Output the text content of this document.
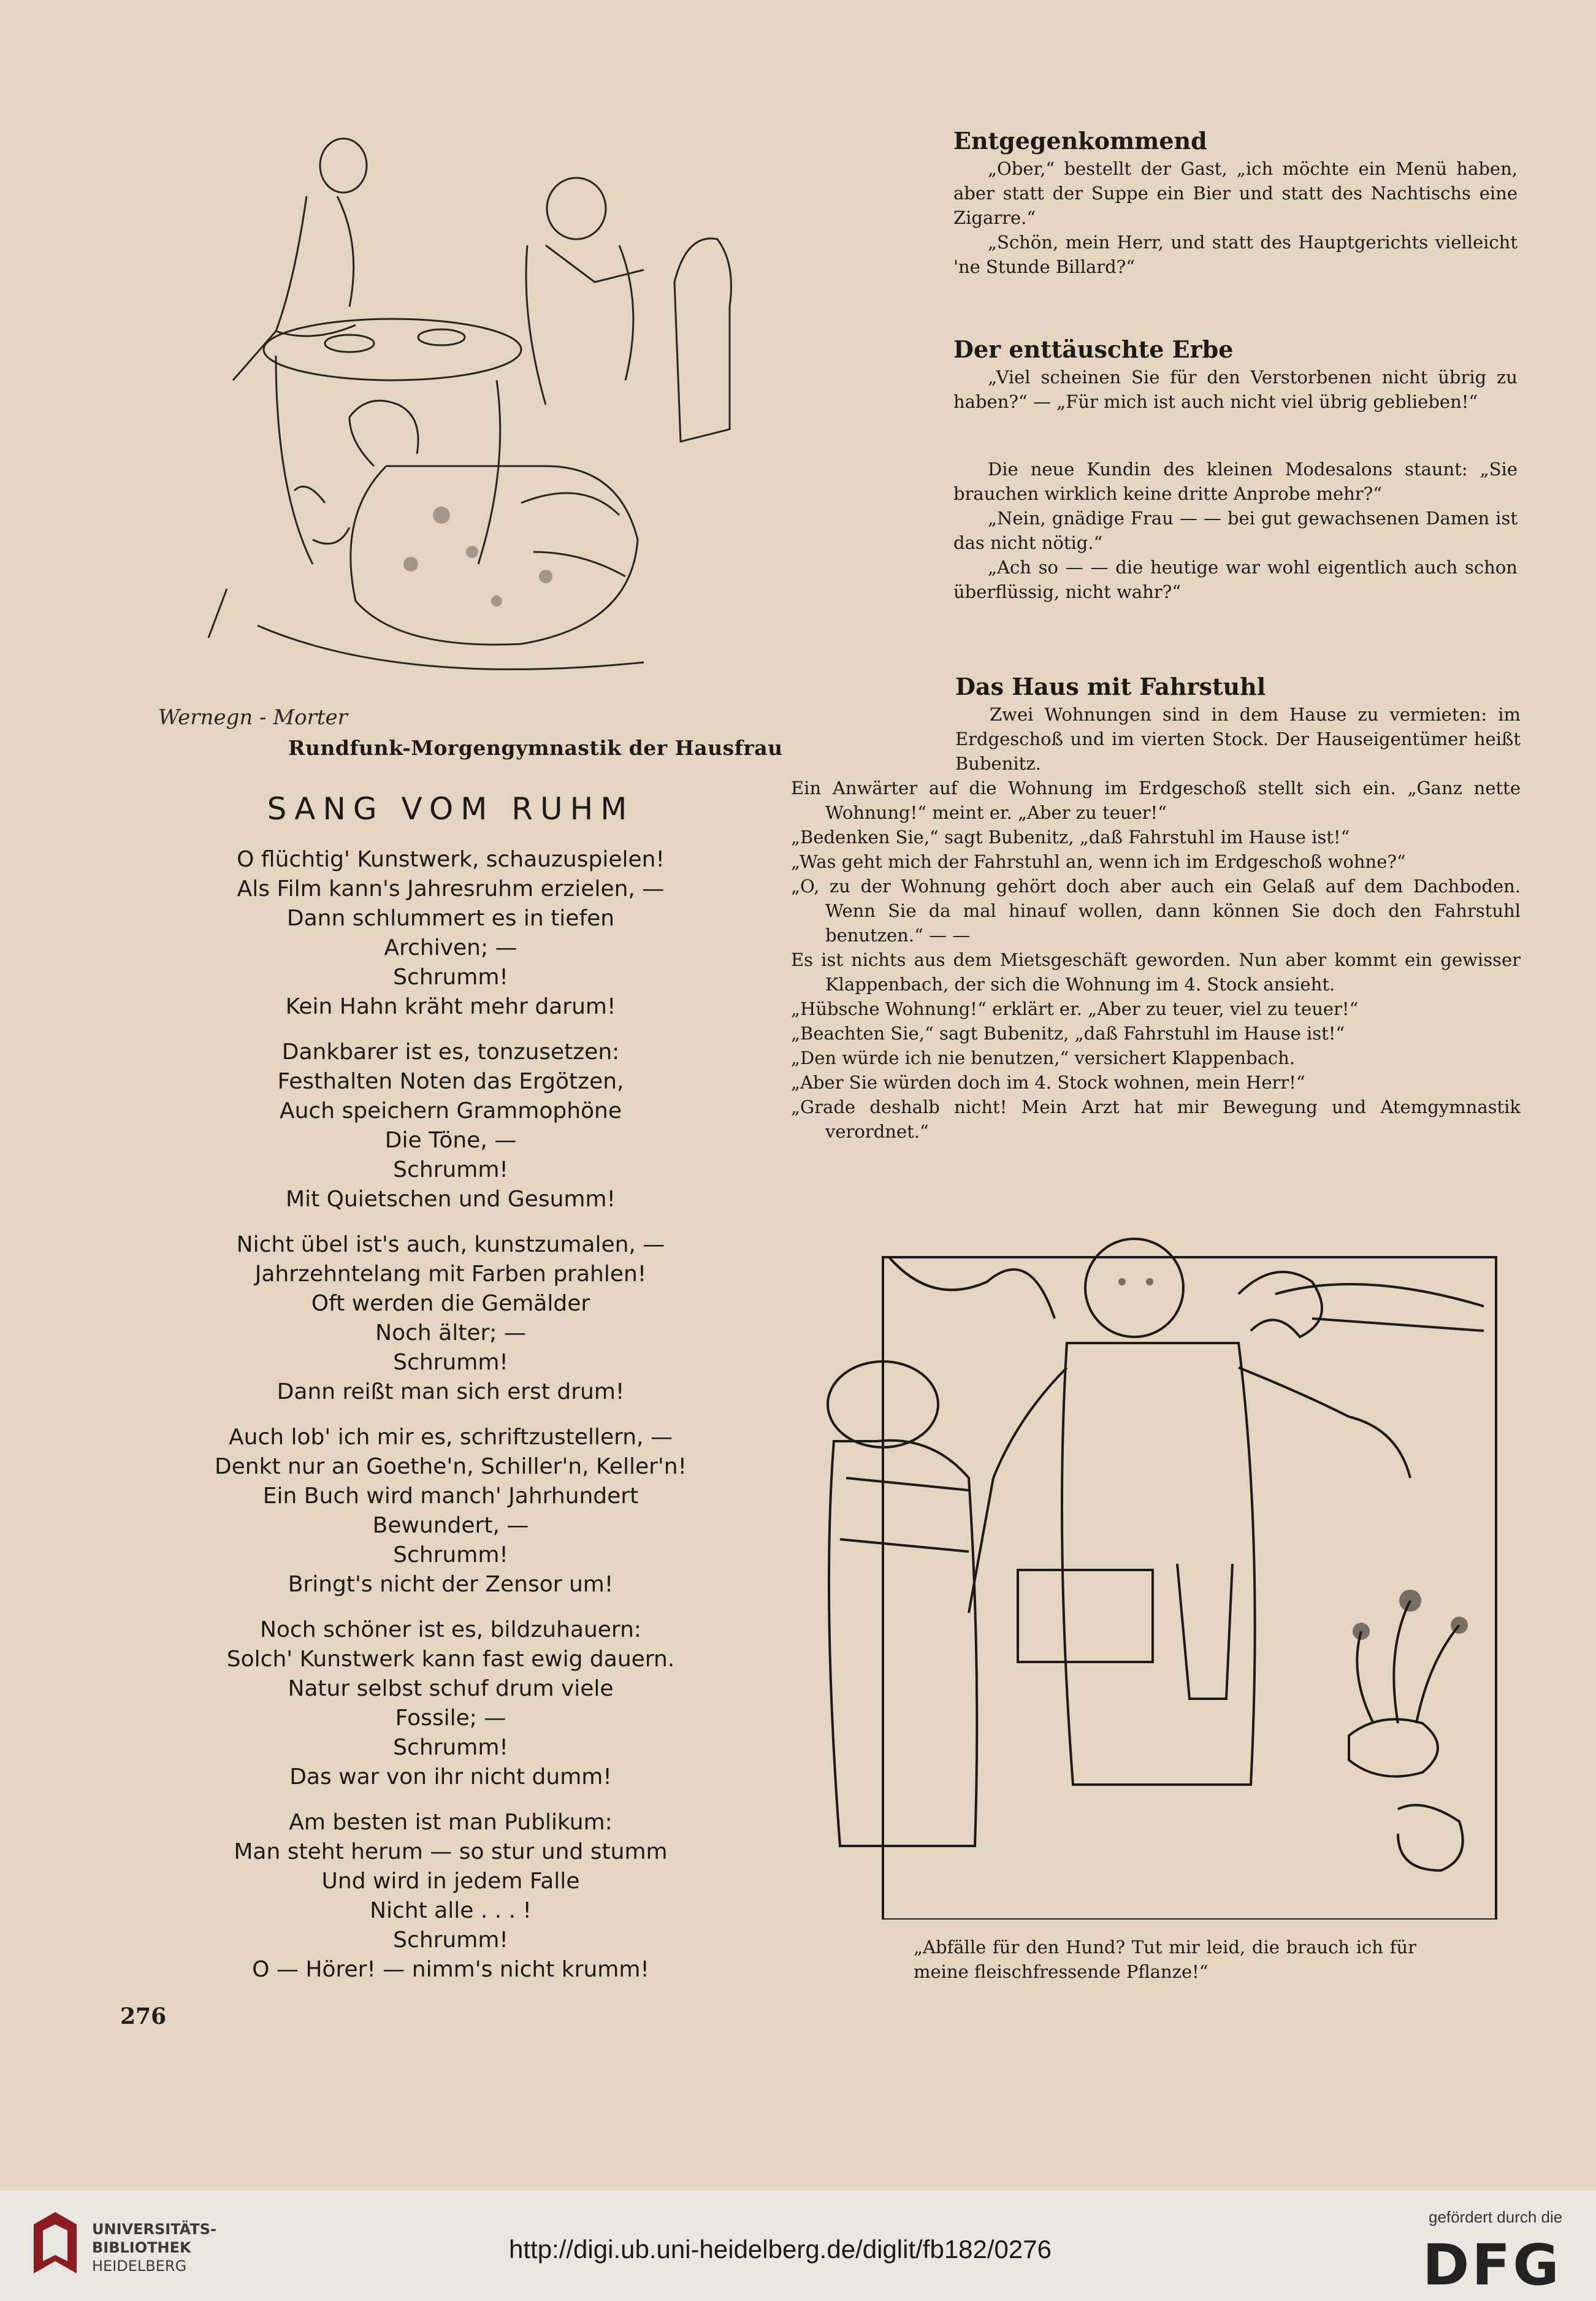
Wernegn - Morter
Rundfunk-Morgengymnastik der Hausfrau
SANG VOM RUHM
O flüchtig' Kunstwerk, schauzuspielen!
Als Film kann's Jahresruhm erzielen, —
Dann schlummert es in tiefen
Archiven; —
Schrumm!
Kein Hahn kräht mehr darum!
Dankbarer ist es, tonzusetzen:
Festhalten Noten das Ergötzen,
Auch speichern Grammophöne
Die Töne, —
Schrumm!
Mit Quietschen und Gesumm!
Nicht übel ist's auch, kunstzumalen, —
Jahrzehntelang mit Farben prahlen!
Oft werden die Gemälder
Noch älter; —
Schrumm!
Dann reißt man sich erst drum!
Auch lob' ich mir es, schriftzustellern, —
Denkt nur an Goethe'n, Schiller'n, Keller'n!
Ein Buch wird manch' Jahrhundert
Bewundert, —
Schrumm!
Bringt's nicht der Zensor um!
Noch schöner ist es, bildzuhauern:
Solch' Kunstwerk kann fast ewig dauern.
Natur selbst schuf drum viele
Fossile; —
Schrumm!
Das war von ihr nicht dumm!
Am besten ist man Publikum:
Man steht herum — so stur und stumm
Und wird in jedem Falle
Nicht alle . . . !
Schrumm!
O — Hörer! — nimm's nicht krumm!
276
Entgegenkommend
„Ober,“ bestellt der Gast, „ich möchte ein Menü haben, aber statt der Suppe ein Bier und statt des Nachtischs eine Zigarre.“
„Schön, mein Herr, und statt des Hauptgerichts vielleicht 'ne Stunde Billard?“
Der enttäuschte Erbe
„Viel scheinen Sie für den Verstorbenen nicht übrig zu haben?“ — „Für mich ist auch nicht viel übrig geblieben!“
Die neue Kundin des kleinen Modesalons staunt: „Sie brauchen wirklich keine dritte Anprobe mehr?“
„Nein, gnädige Frau — — bei gut gewachsenen Damen ist das nicht nötig.“
„Ach so — — die heutige war wohl eigentlich auch schon überflüssig, nicht wahr?“
Das Haus mit Fahrstuhl
Zwei Wohnungen sind in dem Hause zu vermieten: im Erdgeschoß und im vierten Stock. Der Hauseigentümer heißt Bubenitz.
Ein Anwärter auf die Wohnung im Erdgeschoß stellt sich ein. „Ganz nette Wohnung!“ meint er. „Aber zu teuer!“
„Bedenken Sie,“ sagt Bubenitz, „daß Fahrstuhl im Hause ist!“
„Was geht mich der Fahrstuhl an, wenn ich im Erdgeschoß wohne?“
„O, zu der Wohnung gehört doch aber auch ein Gelaß auf dem Dachboden. Wenn Sie da mal hinauf wollen, dann können Sie doch den Fahrstuhl benutzen.“ — —
Es ist nichts aus dem Mietsgeschäft geworden. Nun aber kommt ein gewisser Klappenbach, der sich die Wohnung im 4. Stock ansieht.
„Hübsche Wohnung!“ erklärt er. „Aber zu teuer, viel zu teuer!“
„Beachten Sie,“ sagt Bubenitz, „daß Fahrstuhl im Hause ist!“
„Den würde ich nie benutzen,“ versichert Klappenbach.
„Aber Sie würden doch im 4. Stock wohnen, mein Herr!“
„Grade deshalb nicht! Mein Arzt hat mir Bewegung und Atemgymnastik verordnet.“
„Abfälle für den Hund? Tut mir leid, die brauch ich für meine fleischfressende Pflanze!“
UNIVERSITÄTS-
BIBLIOTHEK
HEIDELBERG
http://digi.ub.uni-heidelberg.de/diglit/fb182/0276
gefördert durch die
DFG
